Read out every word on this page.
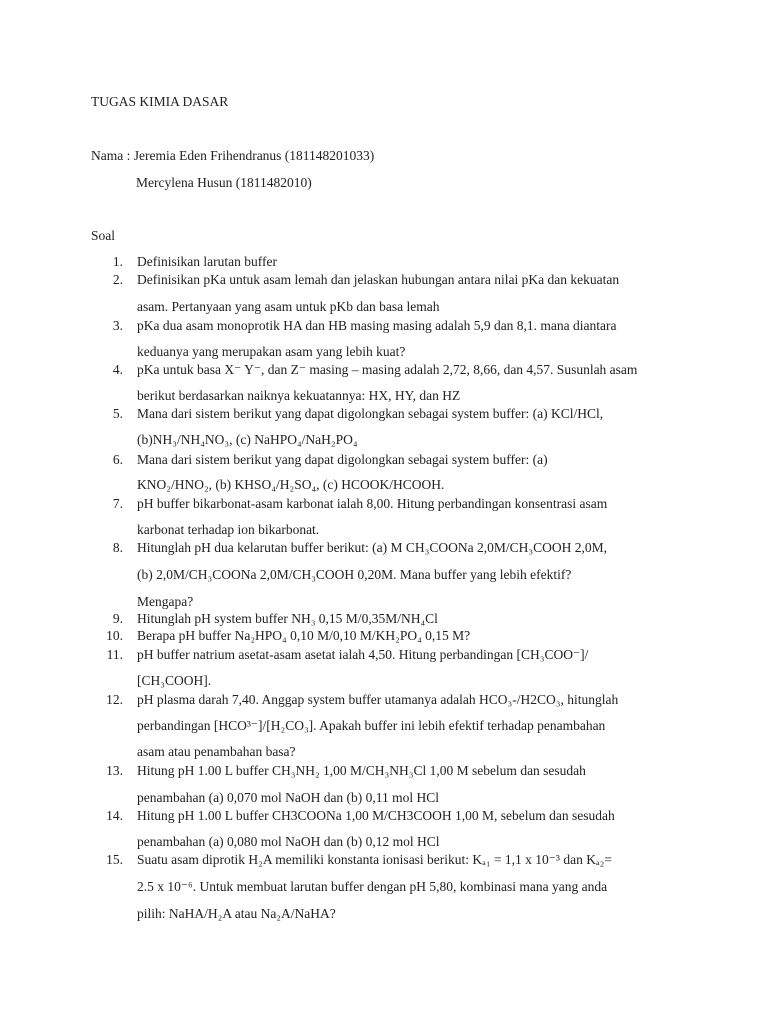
TUGAS KIMIA DASAR
Nama : Jeremia Eden Frihendranus (181148201033)
Mercylena Husun (1811482010)
Soal
1. Definisikan larutan buffer
2. Definisikan pKa untuk asam lemah dan jelaskan hubungan antara nilai pKa dan kekuatan
asam. Pertanyaan yang asam untuk pKb dan basa lemah
3. pKa dua asam monoprotik HA dan HB masing masing adalah 5,9 dan 8,1. mana diantara
keduanya yang merupakan asam yang lebih kuat?
4. pKa untuk basa X⁻ Y⁻, dan Z⁻ masing – masing adalah 2,72, 8,66, dan 4,57. Susunlah asam
berikut berdasarkan naiknya kekuatannya: HX, HY, dan HZ
5. Mana dari sistem berikut yang dapat digolongkan sebagai system buffer: (a) KCl/HCl,
(b)NH₃/NH₄NO₃, (c) NaHPO₄/NaH₂PO₄
6. Mana dari sistem berikut yang dapat digolongkan sebagai system buffer: (a)
KNO₂/HNO₂, (b) KHSO₄/H₂SO₄, (c) HCOOK/HCOOH.
7. pH buffer bikarbonat-asam karbonat ialah 8,00. Hitung perbandingan konsentrasi asam
karbonat terhadap ion bikarbonat.
8. Hitunglah pH dua kelarutan buffer berikut: (a) M CH₃COONa 2,0M/CH₃COOH 2,0M,
(b) 2,0M/CH₃COONa 2,0M/CH₃COOH 0,20M. Mana buffer yang lebih efektif?
Mengapa?
9. Hitunglah pH system buffer NH₃ 0,15 M/0,35M/NH₄Cl
10. Berapa pH buffer Na₂HPO₄ 0,10 M/0,10 M/KH₂PO₄ 0,15 M?
11. pH buffer natrium asetat-asam asetat ialah 4,50. Hitung perbandingan [CH₃COO⁻]/
[CH₃COOH].
12. pH plasma darah 7,40. Anggap system buffer utamanya adalah HCO₃-/H2CO₃, hitunglah
perbandingan [HCO³⁻]/[H₂CO₃]. Apakah buffer ini lebih efektif terhadap penambahan
asam atau penambahan basa?
13. Hitung pH 1.00 L buffer CH₃NH₂ 1,00 M/CH₃NH₃Cl 1,00 M sebelum dan sesudah
penambahan (a) 0,070 mol NaOH dan (b) 0,11 mol HCl
14. Hitung pH 1.00 L buffer CH3COONa 1,00 M/CH3COOH 1,00 M, sebelum dan sesudah
penambahan (a) 0,080 mol NaOH dan (b) 0,12 mol HCl
15. Suatu asam diprotik H₂A memiliki konstanta ionisasi berikut: Kₐ₁ = 1,1 x 10⁻³ dan Kₐ₂=
2.5 x 10⁻⁶. Untuk membuat larutan buffer dengan pH 5,80, kombinasi mana yang anda
pilih: NaHA/H₂A atau Na₂A/NaHA?
